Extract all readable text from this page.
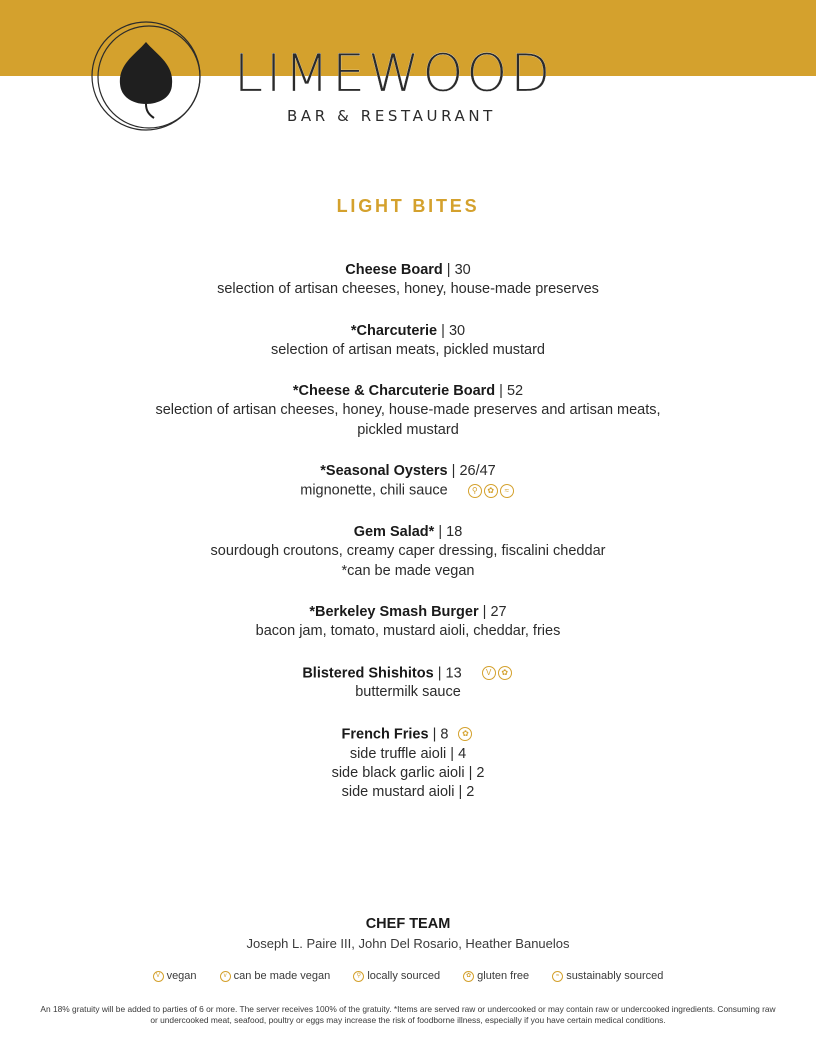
LIMEWOOD
BAR & RESTAURANT
LIGHT BITES
Cheese Board | 30
selection of artisan cheeses, honey, house-made preserves
*Charcuterie | 30
selection of artisan meats, pickled mustard
*Cheese & Charcuterie Board | 52
selection of artisan cheeses, honey, house-made preserves and artisan meats,
pickled mustard
*Seasonal Oysters | 26/47
mignonette, chili sauce	⚲ ✿ ≈
Gem Salad* | 18
sourdough croutons, creamy caper dressing, fiscalini cheddar
*can be made vegan
*Berkeley Smash Burger | 27
bacon jam, tomato, mustard aioli, cheddar, fries
Blistered Shishitos | 13	V ✿
buttermilk sauce
French Fries | 8 ✿
side truffle aioli | 4
side black garlic aioli | 2
side mustard aioli | 2
CHEF TEAM
Joseph L. Paire III, John Del Rosario, Heather Banuelos
V vegan	v can be made vegan	⚲ locally sourced	✿ gluten free	≈ sustainably sourced
An 18% gratuity will be added to parties of 6 or more. The server receives 100% of the gratuity. *Items are served raw or undercooked or may contain raw or undercooked ingredients. Consuming raw or undercooked meat, seafood, poultry or eggs may increase the risk of foodborne illness, especially if you have certain medical conditions.
